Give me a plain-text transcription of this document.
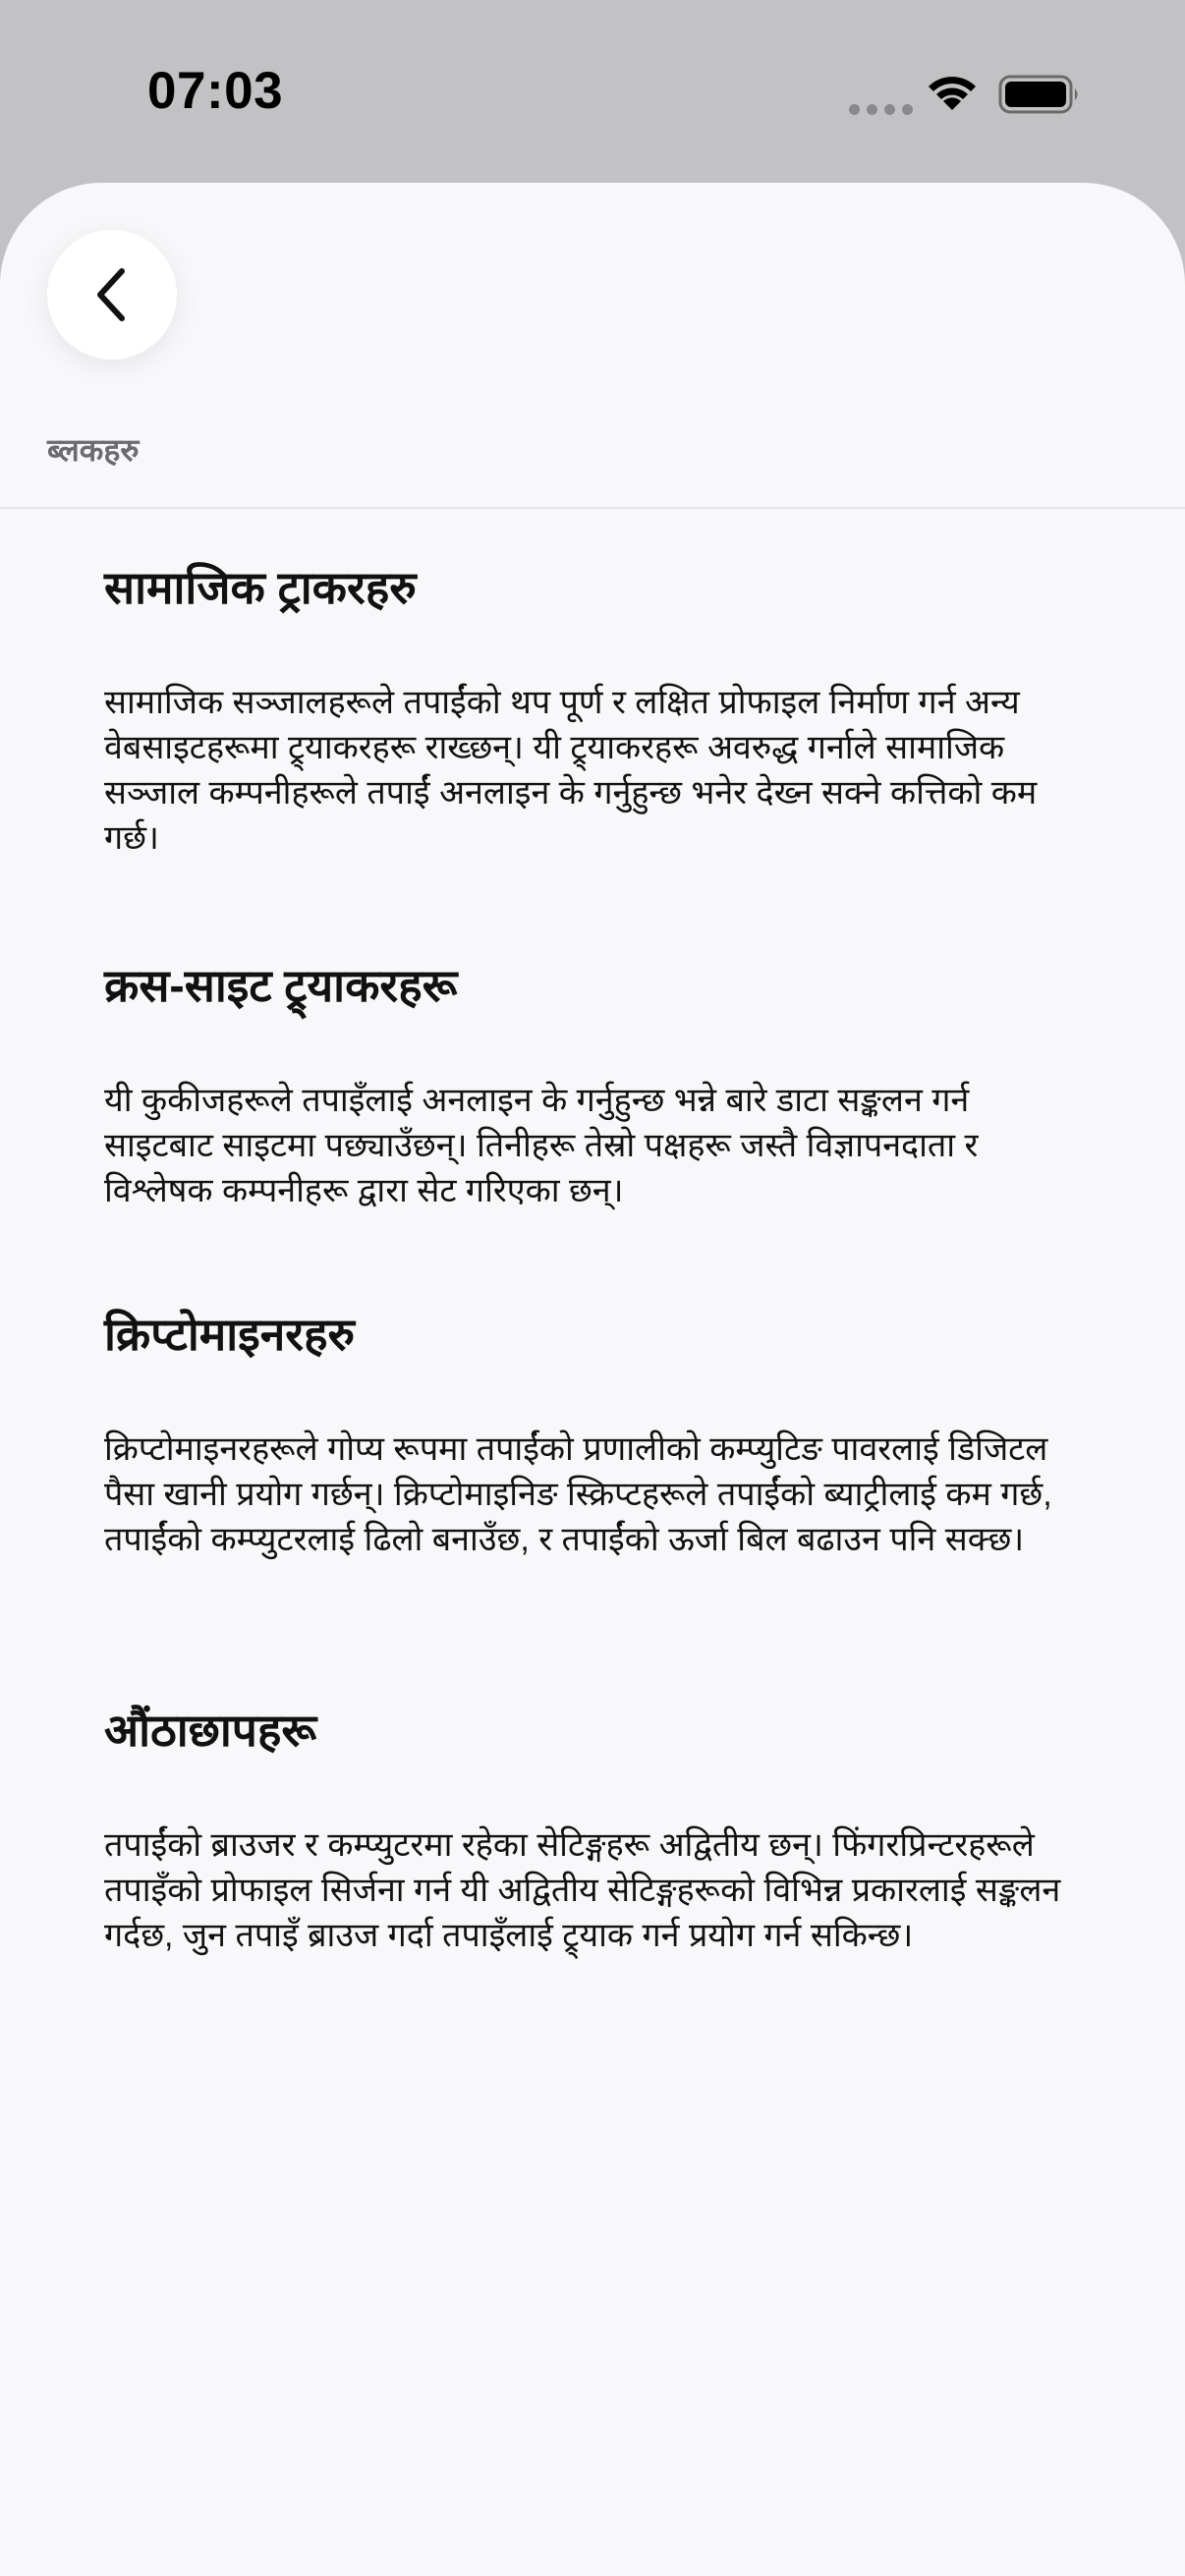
07:03
ब्लकहरु
सामाजिक ट्राकरहरु

सामाजिक सञ्जालहरूले तपाईंको थप पूर्ण र लक्षित प्रोफाइल निर्माण गर्न अन्य वेबसाइटहरूमा ट्र्याकरहरू राख्छन्। यी ट्र्याकरहरू अवरुद्ध गर्नाले सामाजिक सञ्जाल कम्पनीहरूले तपाईं अनलाइन के गर्नुहुन्छ भनेर देख्न सक्ने कत्तिको कम गर्छ।

क्रस-साइट ट्र्याकरहरू

यी कुकीजहरूले तपाइँलाई अनलाइन के गर्नुहुन्छ भन्ने बारे डाटा सङ्कलन गर्न साइटबाट साइटमा पछ्याउँछन्। तिनीहरू तेस्रो पक्षहरू जस्तै विज्ञापनदाता र विश्लेषक कम्पनीहरू द्वारा सेट गरिएका छन्।

क्रिप्टोमाइनरहरु

क्रिप्टोमाइनरहरूले गोप्य रूपमा तपाईंको प्रणालीको कम्प्युटिङ पावरलाई डिजिटल पैसा खानी प्रयोग गर्छन्। क्रिप्टोमाइनिङ स्क्रिप्टहरूले तपाईंको ब्याट्रीलाई कम गर्छ, तपाईंको कम्प्युटरलाई ढिलो बनाउँछ, र तपाईंको ऊर्जा बिल बढाउन पनि सक्छ।

औंठाछापहरू

तपाईंको ब्राउजर र कम्प्युटरमा रहेका सेटिङ्गहरू अद्वितीय छन्। फिंगरप्रिन्टरहरूले तपाइँको प्रोफाइल सिर्जना गर्न यी अद्वितीय सेटिङ्गहरूको विभिन्न प्रकारलाई सङ्कलन गर्दछ, जुन तपाइँ ब्राउज गर्दा तपाइँलाई ट्र्याक गर्न प्रयोग गर्न सकिन्छ।
